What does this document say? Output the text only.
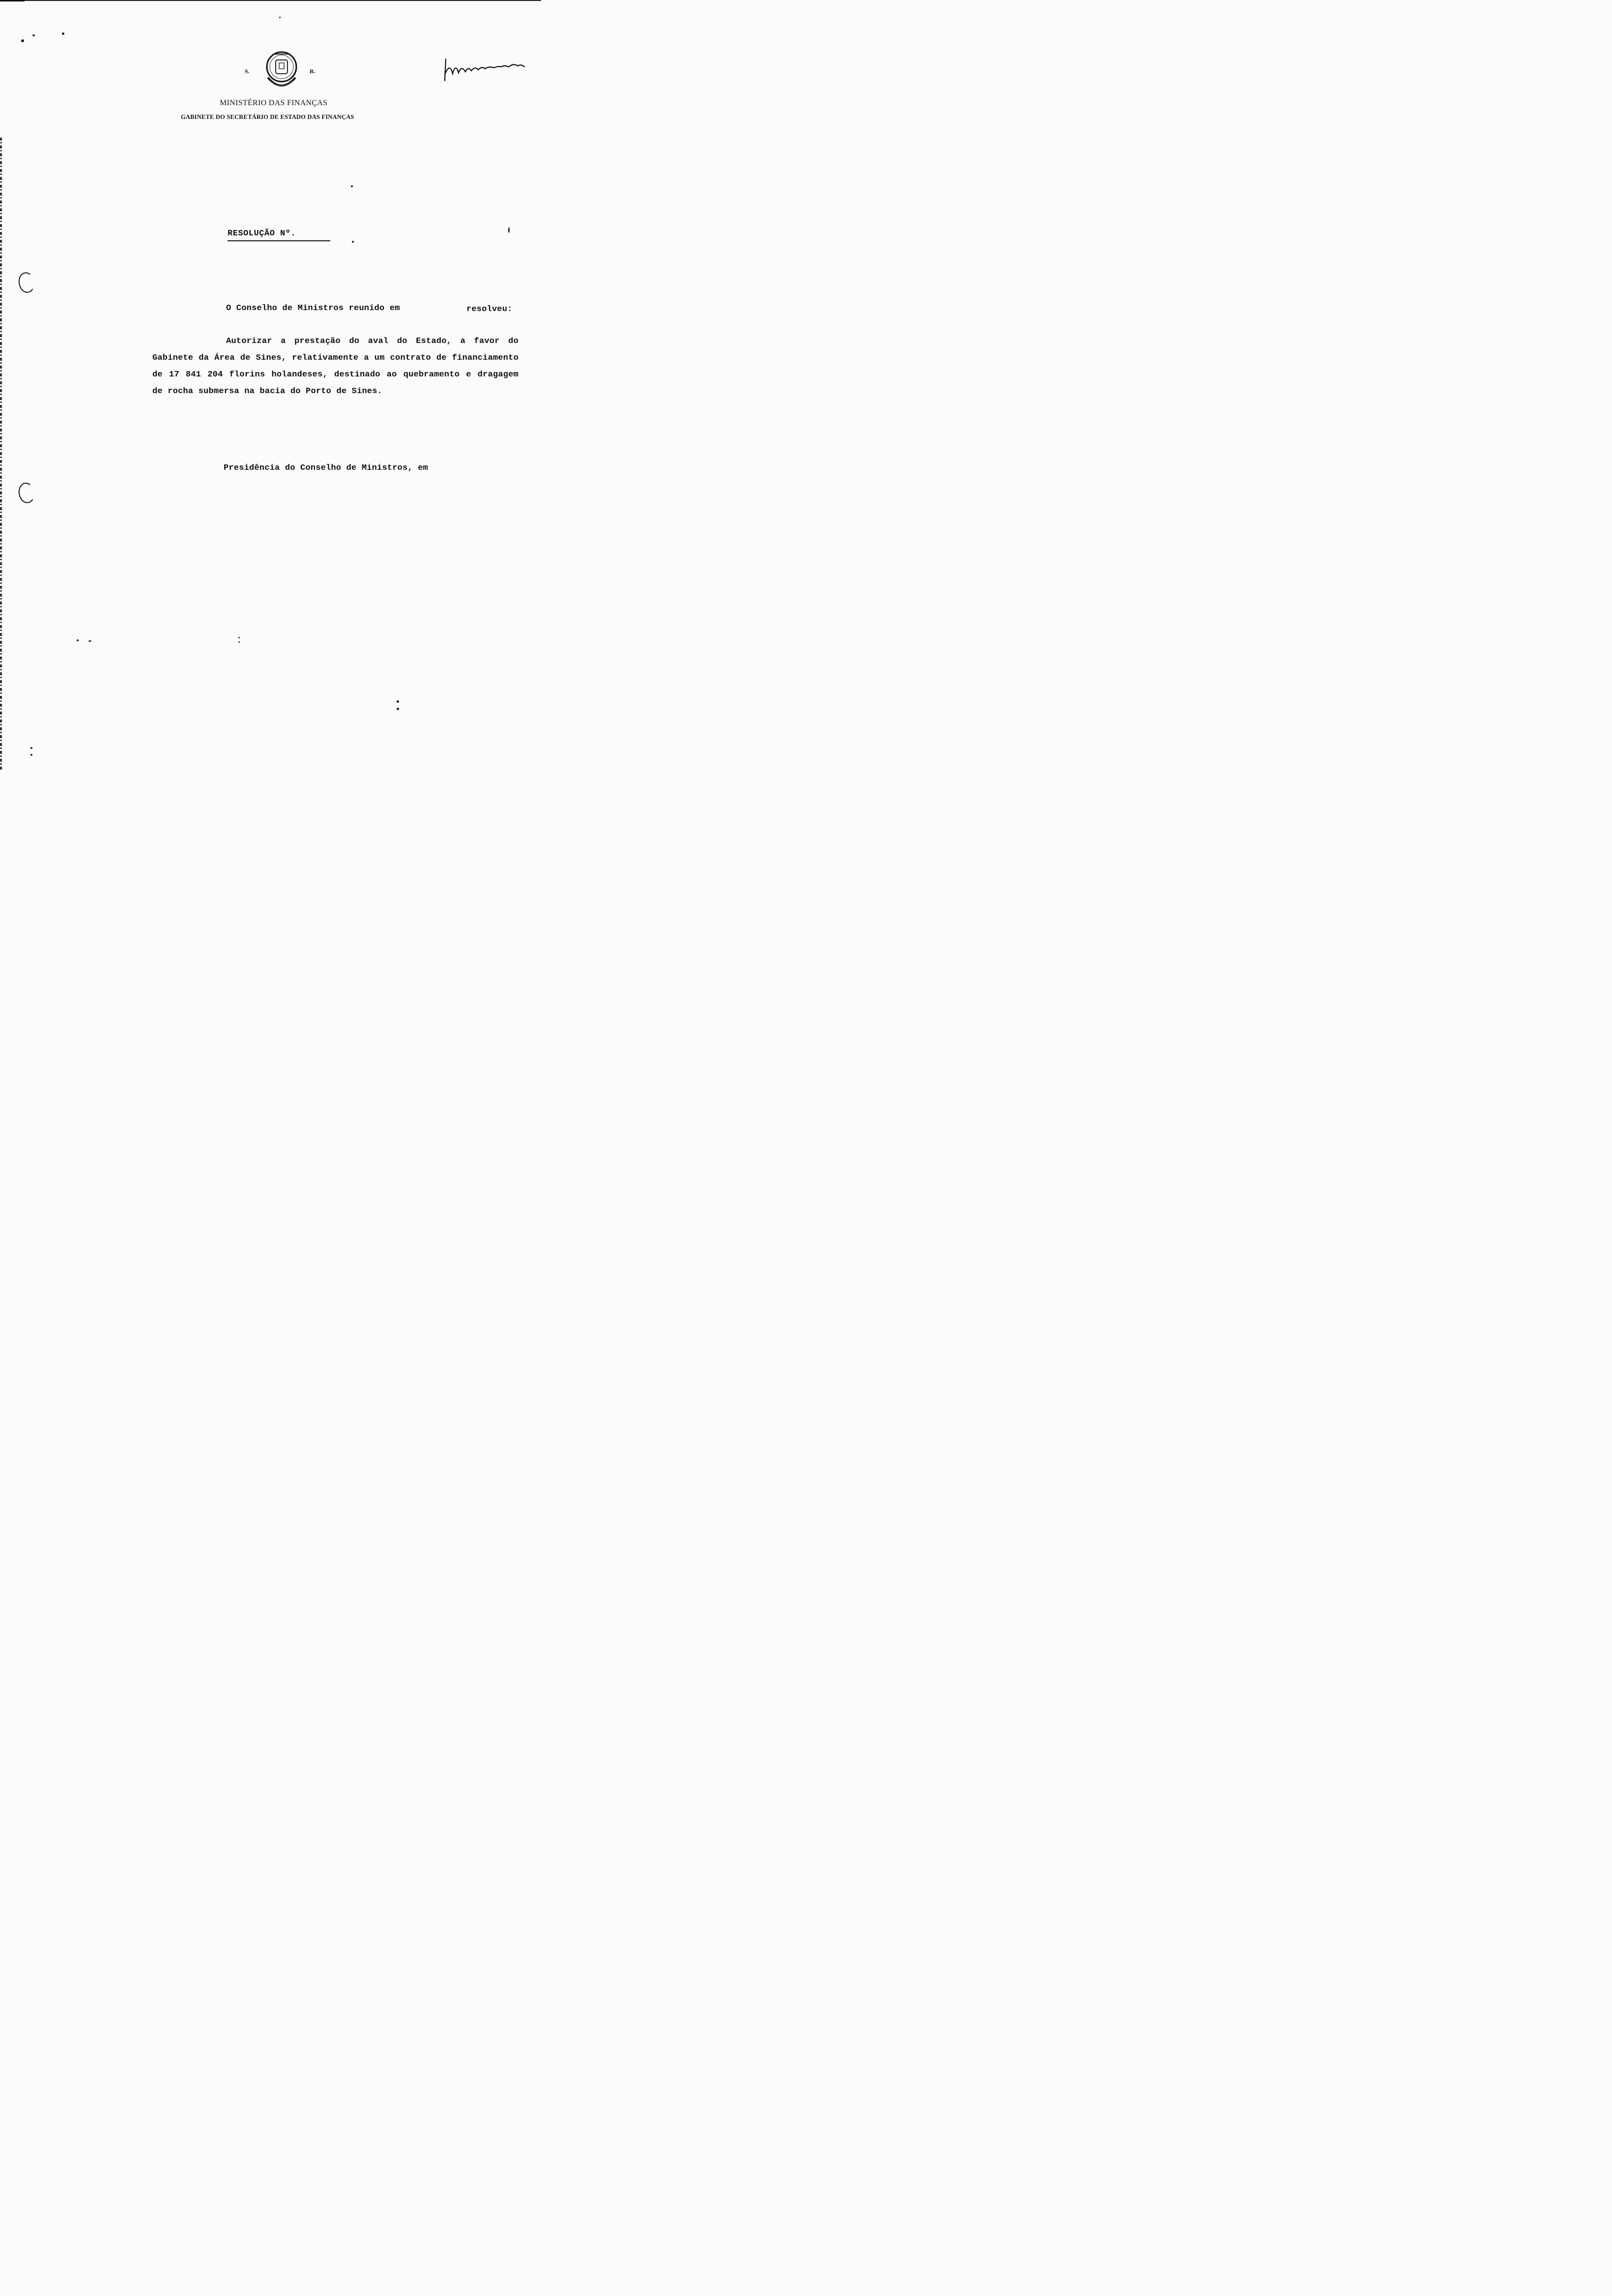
S.	R.
MINISTÉRIO DAS FINANÇAS
GABINETE DO SECRETÁRIO DE ESTADO DAS FINANÇAS
RESOLUÇÃO Nº.
O Conselho de Ministros reunido em	resolveu:
Autorizar a prestação do aval do Estado, a favor do Gabinete da Área de Sines, relativamente a um contrato de financiamento de 17 841 204 florins holandeses, destinado ao quebramento e dragagem de rocha submersa na bacia do Porto de Sines.
Presidência do Conselho de Ministros, em
